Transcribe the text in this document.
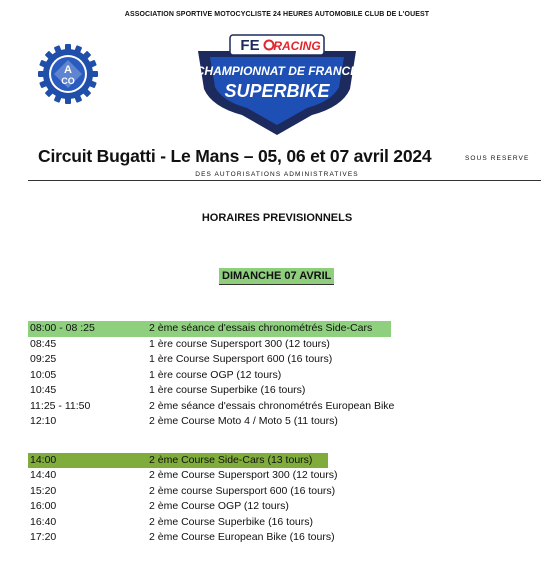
ASSOCIATION SPORTIVE MOTOCYCLISTE 24 HEURES AUTOMOBILE CLUB DE L'OUEST
A
CO
FE RACING
CHAMPIONNAT DE FRANCE
SUPERBIKE
Circuit Bugatti - Le Mans – 05, 06 et 07 avril 2024	SOUS RESERVE
DES AUTORISATIONS ADMINISTRATIVES
HORAIRES PREVISIONNELS
DIMANCHE 07 AVRIL
08:00 - 08 :25	2 ème séance d'essais chronométrés Side-Cars
08:45	1 ère course Supersport 300 (12 tours)
09:25	1 ère Course Supersport 600 (16 tours)
10:05	1 ère course OGP (12 tours)
10:45	1 ère course Superbike (16 tours)
11:25 - 11:50	2 ème séance d'essais chronométrés European Bike
12:10	2 ème Course Moto 4 / Moto 5 (11 tours)
14:00	2 ème Course Side-Cars (13 tours)
14:40	2 ème Course Supersport 300 (12 tours)
15:20	2 ème course Supersport 600 (16 tours)
16:00	2 ème Course OGP (12 tours)
16:40	2 ème Course Superbike (16 tours)
17:20	2 ème Course European Bike (16 tours)
